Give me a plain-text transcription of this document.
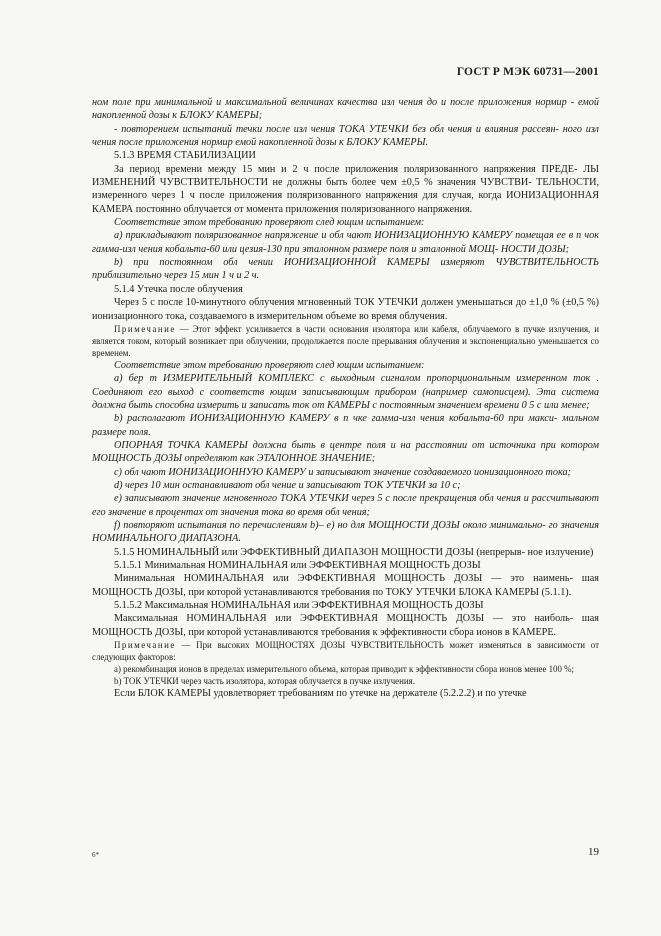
ГОСТ Р МЭК 60731—2001

ном поле при минимальной и максимальной величинах качества изл чения до и после приложения нормир - емой накопленной дозы к БЛОКУ КАМЕРЫ;

- повторением испытаний течки после изл чения ТОКА УТЕЧКИ без обл чения и влияния рассеян- ного изл чения после приложения нормир емой накопленной дозы к БЛОКУ КАМЕРЫ.

5.1.3 ВРЕМЯ СТАБИЛИЗАЦИИ

За период времени между 15 мин и 2 ч после приложения поляризованного напряжения ПРЕДЕ- ЛЫ ИЗМЕНЕНИЙ ЧУВСТВИТЕЛЬНОСТИ не должны быть более чем ±0,5 % значения ЧУВСТВИ- ТЕЛЬНОСТИ, измеренного через 1 ч после приложения поляризованного напряжения для случая, когда ИОНИЗАЦИОННАЯ КАМЕРА постоянно облучается от момента приложения поляризованного напряжения.

Соответствие этом требованию проверяют след ющим испытанием:

а) прикладывают поляризованное напряжение и обл чают ИОНИЗАЦИОННУЮ КАМЕРУ помещая ее в п чок гамма-изл чения кобальта-60 или цезия-130 при эталонном размере поля и эталонной МОЩ- НОСТИ ДОЗЫ;

b) при постоянном обл чении ИОНИЗАЦИОННОЙ КАМЕРЫ измеряют ЧУВСТВИТЕЛЬНОСТЬ приблизительно через 15 мин 1 ч и 2 ч.

5.1.4 Утечка после облучения

Через 5 с после 10-минутного облучения мгновенный ТОК УТЕЧКИ должен уменьшаться до ±1,0 % (±0,5 %) ионизационного тока, создаваемого в измерительном объеме во время облучения.

Примечание — Этот эффект усиливается в части основания изолятора или кабеля, облучаемого в пучке излучения, и является током, который возникает при облучении, продолжается после прерывания облучения и экспоненциально уменьшается со временем.

Соответствие этом требованию проверяют след ющим испытанием:

а) бер т ИЗМЕРИТЕЛЬНЫЙ КОМПЛЕКС с выходным сигналом пропорциональным измеренном ток . Соединяют его выход с соответств ющим записывающим прибором (например самописцем). Эта система должна быть способна измерить и записать ток от КАМЕРЫ с постоянным значением времени 0 5 с или менее;

b) располагают ИОНИЗАЦИОННУЮ КАМЕРУ в п чке гамма-изл чения кобальта-60 при макси- мальном размере поля.

ОПОРНАЯ ТОЧКА КАМЕРЫ должна быть в центре поля и на расстоянии от источника при котором МОЩНОСТЬ ДОЗЫ определяют как ЭТАЛОННОЕ ЗНАЧЕНИЕ;

с) обл чают ИОНИЗАЦИОННУЮ КАМЕРУ и записывают значение создаваемого ионизационного тока;

d) через 10 мин останавливают обл чение и записывают ТОК УТЕЧКИ за 10 с;

е) записывают значение мгновенного ТОКА УТЕЧКИ через 5 с после прекращения обл чения и рассчитывают его значение в процентах от значения тока во время обл чения;

f) повторяют испытания по перечислениям b)– е) но для МОЩНОСТИ ДОЗЫ около минимально- го значения НОМИНАЛЬНОГО ДИАПАЗОНА.

5.1.5 НОМИНАЛЬНЫЙ или ЭФФЕКТИВНЫЙ ДИАПАЗОН МОЩНОСТИ ДОЗЫ (непрерыв- ное излучение)

5.1.5.1 Минимальная НОМИНАЛЬНАЯ или ЭФФЕКТИВНАЯ МОЩНОСТЬ ДОЗЫ

Минимальная НОМИНАЛЬНАЯ или ЭФФЕКТИВНАЯ МОЩНОСТЬ ДОЗЫ — это наимень- шая МОЩНОСТЬ ДОЗЫ, при которой устанавливаются требования по ТОКУ УТЕЧКИ БЛОКА КАМЕРЫ (5.1.1).

5.1.5.2 Максимальная НОМИНАЛЬНАЯ или ЭФФЕКТИВНАЯ МОЩНОСТЬ ДОЗЫ

Максимальная НОМИНАЛЬНАЯ или ЭФФЕКТИВНАЯ МОЩНОСТЬ ДОЗЫ — это наиболь- шая МОЩНОСТЬ ДОЗЫ, при которой устанавливаются требования к эффективности сбора ионов в КАМЕРЕ.

Примечание — При высоких МОЩНОСТЯХ ДОЗЫ ЧУВСТВИТЕЛЬНОСТЬ может изменяться в зависимости от следующих факторов:

а) рекомбинация ионов в пределах измерительного объема, которая приводит к эффективности сбора ионов менее 100 %;

b) ТОК УТЕЧКИ через часть изолятора, которая облучается в пучке излучения.

Если БЛОК КАМЕРЫ удовлетворяет требованиям по утечке на держателе (5.2.2.2) и по утечке

6*	19
